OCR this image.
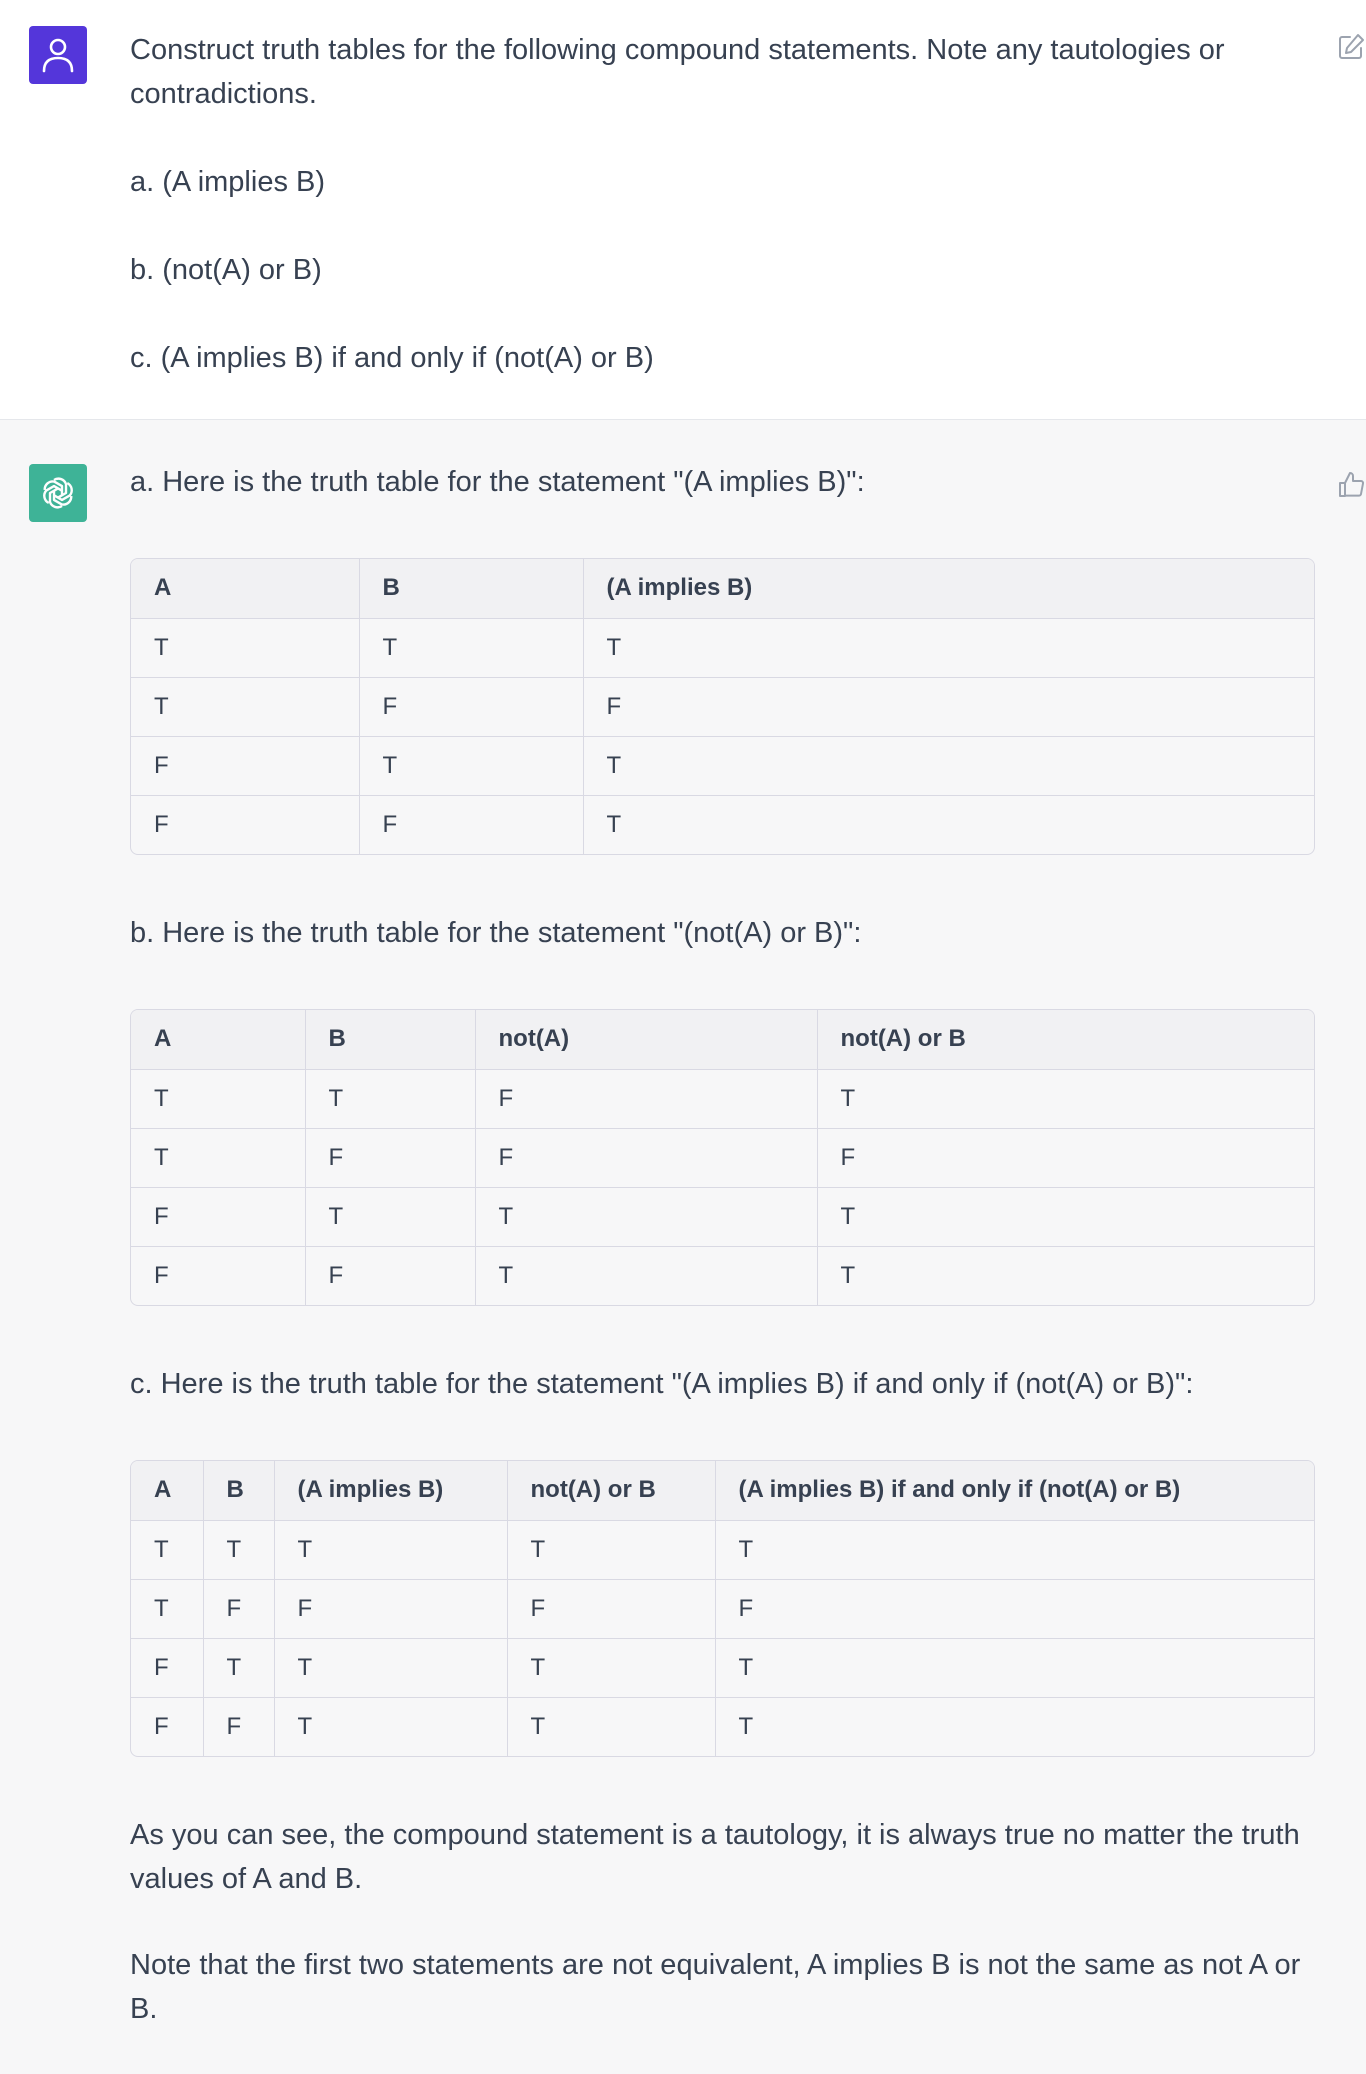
Construct truth tables for the following compound statements. Note any tautologies or contradictions.

a. (A implies B)

b. (not(A) or B)

c. (A implies B) if and only if (not(A) or B)

a. Here is the truth table for the statement "(A implies B)":

A	B	(A implies B)
T	T	T
T	F	F
F	T	T
F	F	T

b. Here is the truth table for the statement "(not(A) or B)":

A	B	not(A)	not(A) or B
T	T	F	T
T	F	F	F
F	T	T	T
F	F	T	T

c. Here is the truth table for the statement "(A implies B) if and only if (not(A) or B)":

A	B	(A implies B)	not(A) or B	(A implies B) if and only if (not(A) or B)
T	T	T	T	T
T	F	F	F	F
F	T	T	T	T
F	F	T	T	T

As you can see, the compound statement is a tautology, it is always true no matter the truth values of A and B.

Note that the first two statements are not equivalent, A implies B is not the same as not A or B.
